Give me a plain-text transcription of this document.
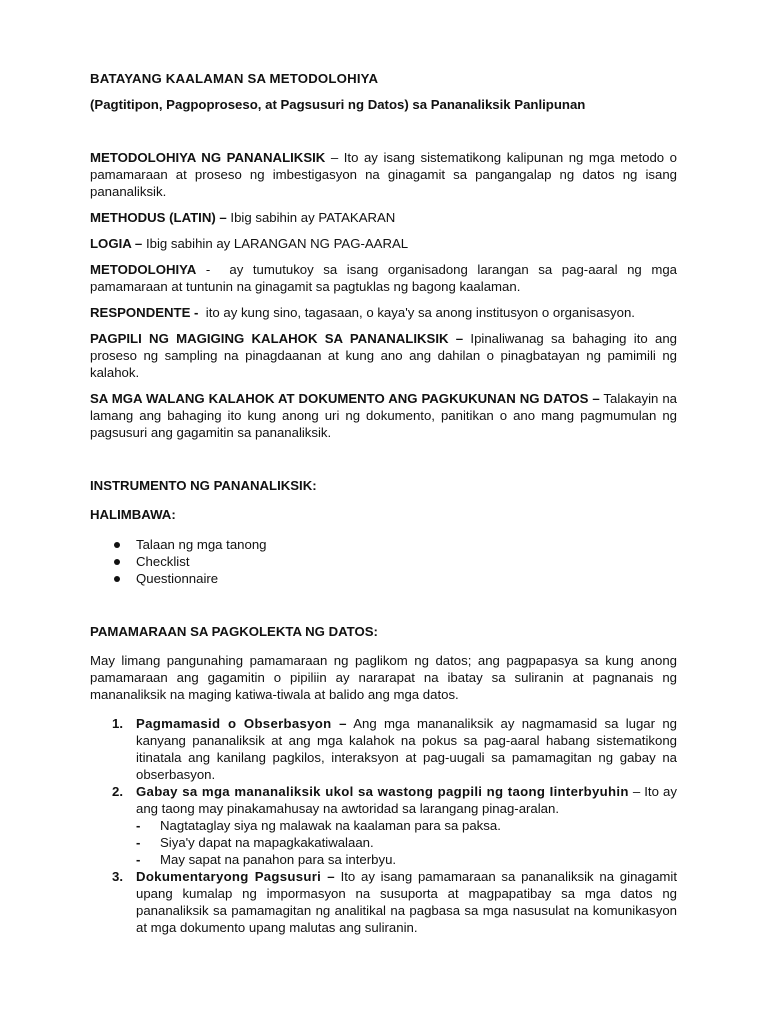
BATAYANG KAALAMAN SA METODOLOHIYA

(Pagtitipon, Pagpoproseso, at Pagsusuri ng Datos) sa Pananaliksik Panlipunan

METODOLOHIYA NG PANANALIKSIK – Ito ay isang sistematikong kalipunan ng mga metodo o pamamaraan at proseso ng imbestigasyon na ginagamit sa pangangalap ng datos ng isang pananaliksik.

METHODUS (LATIN) – Ibig sabihin ay PATAKARAN

LOGIA – Ibig sabihin ay LARANGAN NG PAG-AARAL

METODOLOHIYA -  ay tumutukoy sa isang organisadong larangan sa pag-aaral ng mga pamamaraan at tuntunin na ginagamit sa pagtuklas ng bagong kaalaman.

RESPONDENTE - ito ay kung sino, tagasaan, o kaya'y sa anong institusyon o organisasyon.

PAGPILI NG MAGIGING KALAHOK SA PANANALIKSIK – Ipinaliwanag sa bahaging ito ang proseso ng sampling na pinagdaanan at kung ano ang dahilan o pinagbatayan ng pamimili ng kalahok.

SA MGA WALANG KALAHOK AT DOKUMENTO ANG PAGKUKUNAN NG DATOS – Talakayin na lamang ang bahaging ito kung anong uri ng dokumento, panitikan o ano mang pagmumulan ng pagsusuri ang gagamitin sa pananaliksik.

INSTRUMENTO NG PANANALIKSIK:

HALIMBAWA:

Talaan ng mga tanong
Checklist
Questionnaire

PAMAMARAAN SA PAGKOLEKTA NG DATOS:

May limang pangunahing pamamaraan ng paglikom ng datos; ang pagpapasya sa kung anong pamamaraan ang gagamitin o pipiliin ay nararapat na ibatay sa suliranin at pagnanais ng mananaliksik na maging katiwa-tiwala at balido ang mga datos.

1. Pagmamasid o Obserbasyon – Ang mga mananaliksik ay nagmamasid sa lugar ng kanyang pananaliksik at ang mga kalahok na pokus sa pag-aaral habang sistematikong itinatala ang kanilang pagkilos, interaksyon at pag-uugali sa pamamagitan ng gabay na obserbasyon.
2. Gabay sa mga mananaliksik ukol sa wastong pagpili ng taong Iinterbyuhin – Ito ay ang taong may pinakamahusay na awtoridad sa larangang pinag-aralan.
- Nagtataglay siya ng malawak na kaalaman para sa paksa.
- Siya'y dapat na mapagkakatiwalaan.
- May sapat na panahon para sa interbyu.
3. Dokumentaryong Pagsusuri – Ito ay isang pamamaraan sa pananaliksik na ginagamit upang kumalap ng impormasyon na susuporta at magpapatibay sa mga datos ng pananaliksik sa pamamagitan ng analitikal na pagbasa sa mga nasusulat na komunikasyon at mga dokumento upang malutas ang suliranin.
